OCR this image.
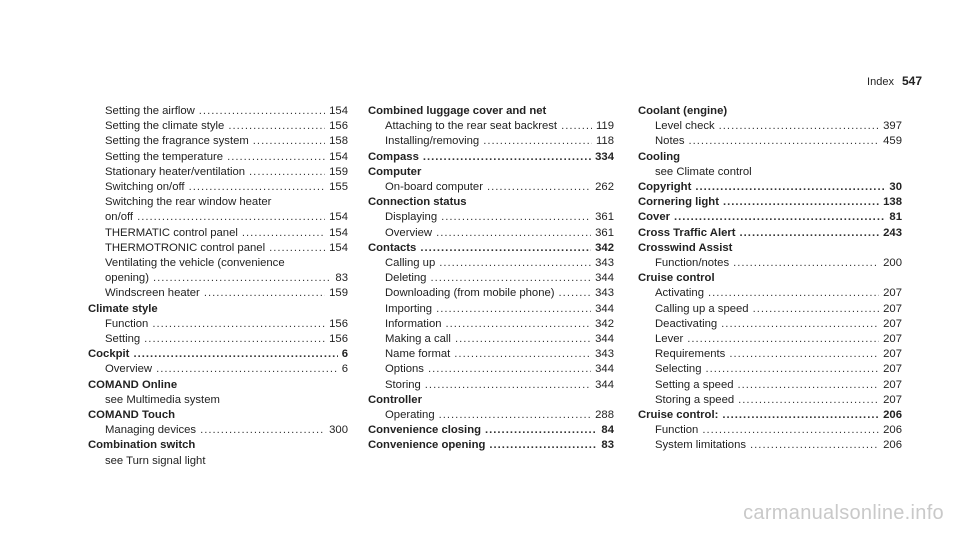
Index 547
Setting the airflow .....	154
Setting the climate style .....	156
Setting the fragrance system .....	158
Setting the temperature .....	154
Stationary heater/ventilation .....	159
Switching on/off .....	155
Switching the rear window heater
on/off .....	154
THERMATIC control panel .....	154
THERMOTRONIC control panel .....	154
Ventilating the vehicle (convenience
opening) .....	83
Windscreen heater .....	159
Climate style
Function .....	156
Setting .....	156
Cockpit .....	6
Overview .....	6
COMAND Online
see Multimedia system
COMAND Touch
Managing devices .....	300
Combination switch
see Turn signal light
Combined luggage cover and net
Attaching to the rear seat backrest .....	119
Installing/removing .....	118
Compass .....	334
Computer
On-board computer .....	262
Connection status
Displaying .....	361
Overview .....	361
Contacts .....	342
Calling up .....	343
Deleting .....	344
Downloading (from mobile phone) .....	343
Importing .....	344
Information .....	342
Making a call .....	344
Name format .....	343
Options .....	344
Storing .....	344
Controller
Operating .....	288
Convenience closing .....	84
Convenience opening .....	83
Coolant (engine)
Level check .....	397
Notes .....	459
Cooling
see Climate control
Copyright .....	30
Cornering light .....	138
Cover .....	81
Cross Traffic Alert .....	243
Crosswind Assist
Function/notes .....	200
Cruise control
Activating .....	207
Calling up a speed .....	207
Deactivating .....	207
Lever .....	207
Requirements .....	207
Selecting .....	207
Setting a speed .....	207
Storing a speed .....	207
Cruise control: .....	206
Function .....	206
System limitations .....	206
carmanualsonline.info
